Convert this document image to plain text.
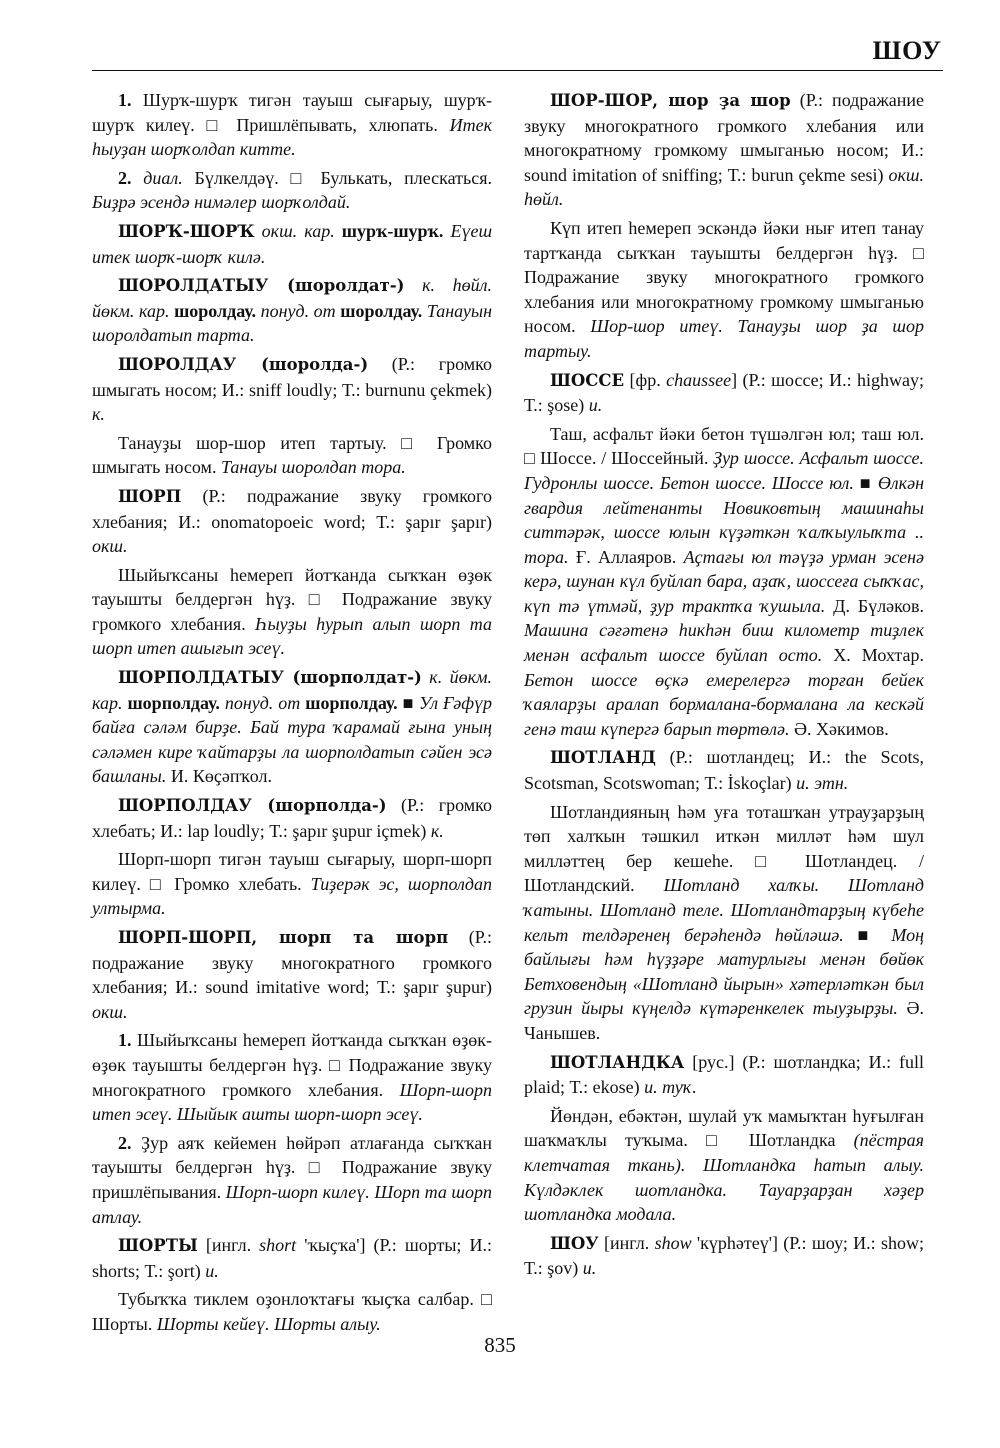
ШОУ

1. Шурҡ-шурҡ тигән тауыш сығарыу, шурҡ-шурҡ килеү. □ Пришлёпывать, хлюпать. Итек һыуҙан шорҡолдап китте.

2. диал. Бүлкелдәү. □ Булькать, плескаться. Биҙрә эсендә нимәлер шорҡолдай.

ШОРҠ-ШОРҠ окш. кар. шурҡ-шурҡ. Еүеш итек шорҡ-шорҡ килә.

ШОРОЛДАТЫУ (шоролдат-) к. һөйл. йөкм. кар. шоролдау. понуд. от шоролдау. Танауын шоролдатып тарта.

ШОРОЛДАУ (шоролда-) (Р.: громко шмыгать носом; И.: sniff loudly; Т.: burnunu çekmek) к.

Танауҙы шор-шор итеп тартыу. □ Громко шмыгать носом. Танауы шоролдап тора.

ШОРП (Р.: подражание звуку громкого хлебания; И.: onomatopoeic word; Т.: şapır şapır) окш.

Шыйыҡсаны һемереп йотҡанда сыҡҡан өҙөк тауышты белдергән һүҙ. □ Подражание звуку громкого хлебания. Һыуҙы һурып алып шорп та шорп итеп ашығып эсеү.

ШОРПОЛДАТЫУ (шорполдат-) к. йөкм. кар. шорполдау. понуд. от шорполдау. ■ Ул Ғәфүр байға сәләм бирҙе. Бай тура ҡарамай ғына уның сәләмен кире ҡайтарҙы ла шорполдатып сәйен эсә башланы. И. Көҫәпҡол.

ШОРПОЛДАУ (шорполда-) (Р.: громко хлебать; И.: lap loudly; Т.: şapır şupur içmek) к.

Шорп-шорп тигән тауыш сығарыу, шорп-шорп килеү. □ Громко хлебать. Тиҙерәк эс, шорполдап ултырма.

ШОРП-ШОРП, шорп та шорп (Р.: подражание звуку многократного громкого хлебания; И.: sound imitative word; Т.: şapır şupur) окш.

1. Шыйыҡсаны һемереп йотҡанда сыҡҡан өҙөк-өҙөк тауышты белдергән һүҙ. □ Подражание звуку многократного громкого хлебания. Шорп-шорп итеп эсеү. Шыйык ашты шорп-шорп эсеү.

2. Ҙур аяҡ кейемен һөйрәп атлағанда сыҡҡан тауышты белдергән һүҙ. □ Подражание звуку пришлёпывания. Шорп-шорп килеү. Шорп та шорп атлау.

ШОРТЫ [ингл. short 'ҡыҫҡа'] (Р.: шорты; И.: shorts; Т.: şort) и.

Тубыҡҡа тиклем оҙонлоҡтағы ҡыҫҡа салбар. □ Шорты. Шорты кейеү. Шорты алыу.

ШОР-ШОР, шор ҙа шор (Р.: подражание звуку многократного громкого хлебания или многократному громкому шмыганью носом; И.: sound imitation of sniffing; Т.: burun çekme sesi) окш. һөйл.

Күп итеп һемереп эскәндә йәки нығ итеп танау тартҡанда сыҡҡан тауышты белдергән һүҙ. □ Подражание звуку многократного громкого хлебания или многократному громкому шмыганью носом. Шор-шор итеү. Танауҙы шор ҙа шор тартыу.

ШОССЕ [фр. chaussee] (Р.: шоссе; И.: highway; Т.: şose) и.

Таш, асфальт йәки бетон түшәлгән юл; таш юл. □ Шоссе. / Шоссейный. Ҙур шоссе. Асфальт шоссе. Гудронлы шоссе. Бетон шоссе. Шоссе юл. ■ Өлкән гвардия лейтенанты Новиковтың машинаһы ситтәрәк, шоссе юлын күҙәткән ҡалҡыулыҡта .. тора. Ғ. Аллаяров. Аҫтағы юл тәүҙә урман эсенә керә, шунан күл буйлап бара, аҙаҡ, шоссеға сыҡҡас, күп тә үтмәй, ҙур трактҡа ҡушыла. Д. Бүләков. Машина сәғәтенә һикһән биш километр тиҙлек менән асфальт шоссе буйлап осто. Х. Мохтар. Бетон шоссе өҫкә емерелергә торған бейек ҡаяларҙы аралап бормалана-бормалана ла кескәй генә таш күпергә барып төртөлә. Ә. Хәкимов.

ШОТЛАНД (Р.: шотландец; И.: the Scots, Scotsman, Scotswoman; Т.: İskoçlar) и. этн.

Шотландияның һәм уға тоташҡан утрауҙарҙың төп халҡын тәшкил иткән милләт һәм шул милләттең бер кешеһе. □ Шотландец. / Шотландский. Шотланд халҡы. Шотланд ҡатыны. Шотланд теле. Шотландтарҙың күбеһе кельт телдәренең берәһендә һөйләшә. ■ Моң байлығы һәм һүҙҙәре матурлығы менән бөйөк Бетховендың «Шотланд йырын» хәтерләткән был грузин йыры күңелдә күтәренкелек тыуҙырҙы. Ә. Чанышев.

ШОТЛАНДКА [рус.] (Р.: шотландка; И.: full plaid; Т.: ekose) и. туҡ.

Йөндән, ебәктән, шулай уҡ мамыҡтан һуғылған шаҡмаҡлы туҡыма. □ Шотландка (пёстрая клетчатая ткань). Шотландка һатып алыу. Күлдәклек шотландка. Тауарҙарҙан хәҙер шотландка модала.

ШОУ [ингл. show 'күрһәтеү'] (Р.: шоу; И.: show; Т.: şov) и.

835
